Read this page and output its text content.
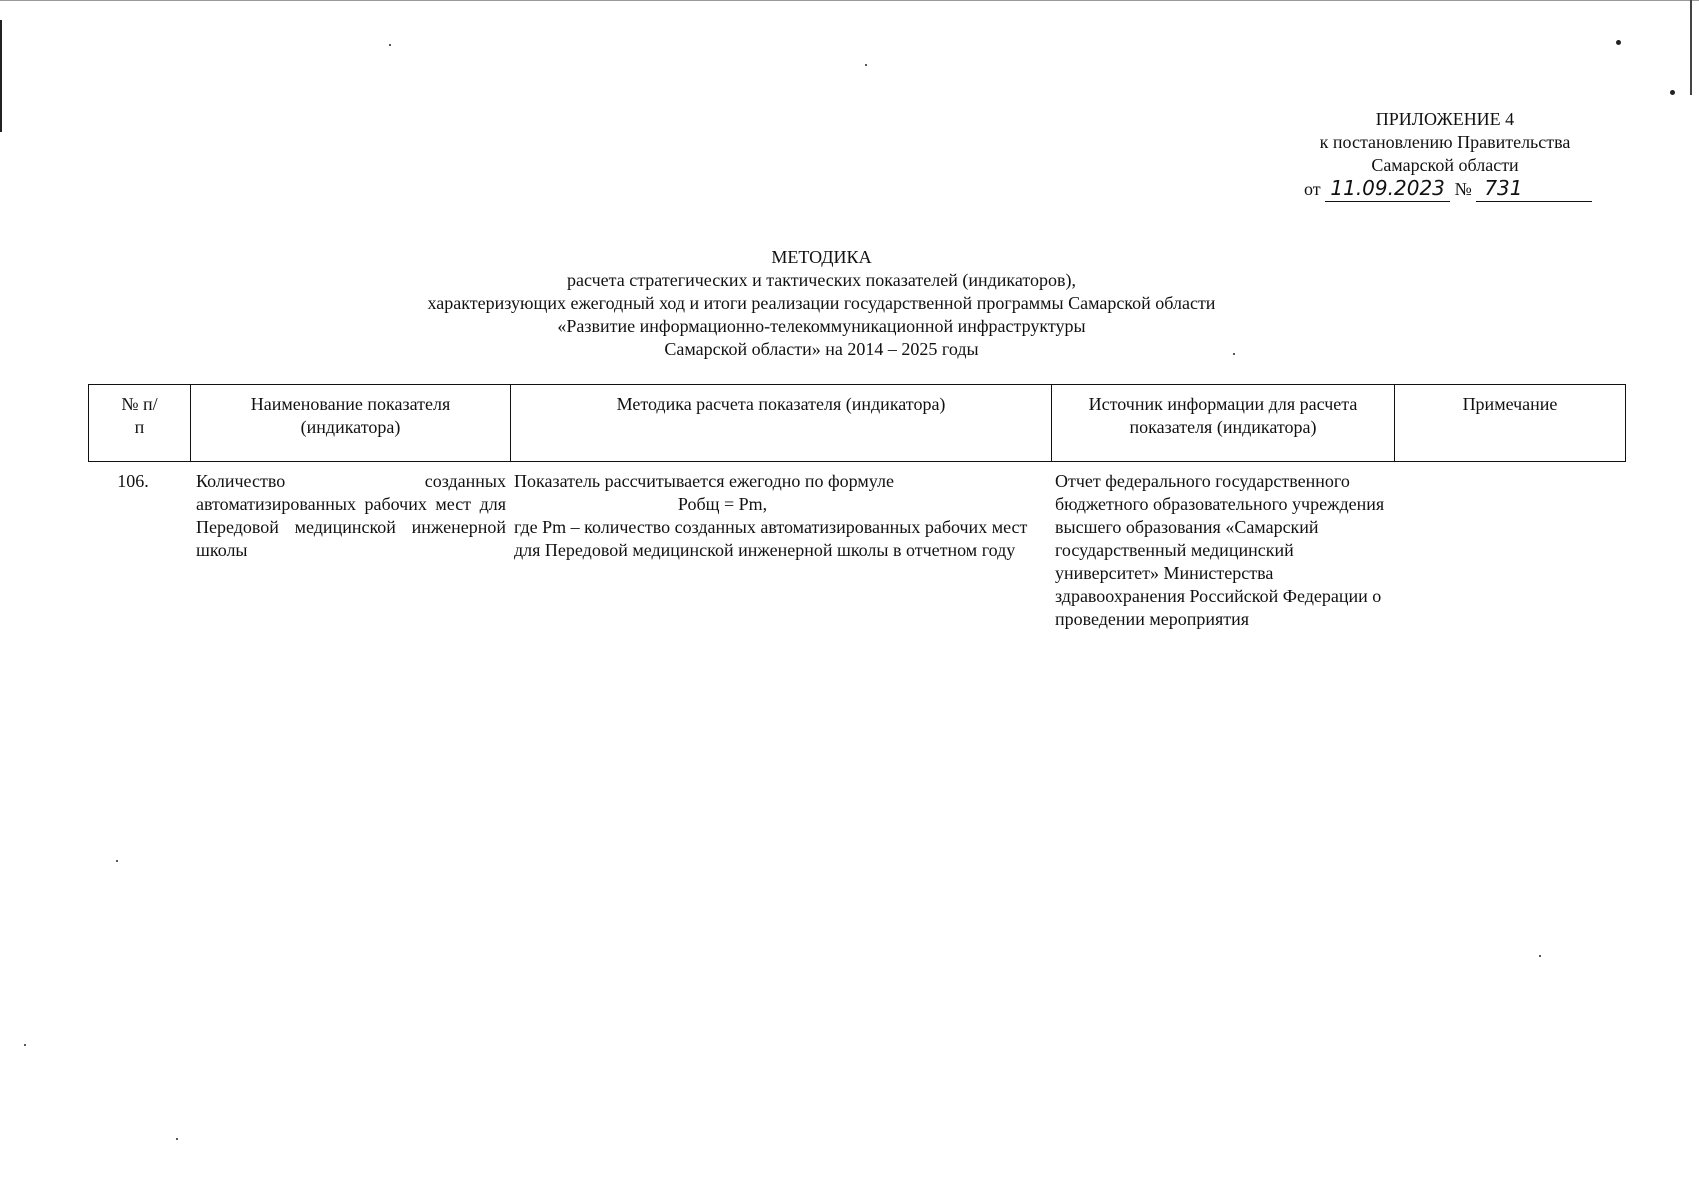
ПРИЛОЖЕНИЕ 4
к постановлению Правительства
Самарской области
от 11.09.2023 № 731
МЕТОДИКА
расчета стратегических и тактических показателей (индикаторов),
характеризующих ежегодный ход и итоги реализации государственной программы Самарской области
«Развитие информационно-телекоммуникационной инфраструктуры
Самарской области» на 2014 – 2025 годы
№ п/п
Наименование показателя (индикатора)
Методика расчета показателя (индикатора)	Источник информации для расчета показателя (индикатора)
Примечание
106.	Количество созданных автоматизированных рабочих мест для Передовой медицинской инженерной школы
Показатель рассчитывается ежегодно по формуле
Робщ = Pm,
где Pm – количество созданных автоматизированных рабочих мест для Передовой медицинской инженерной школы в отчетном году
Отчет федерального государственного бюджетного образовательного учреждения высшего образования «Самарский государственный медицинский университет» Министерства здравоохранения Российской Федерации о проведении мероприятия
